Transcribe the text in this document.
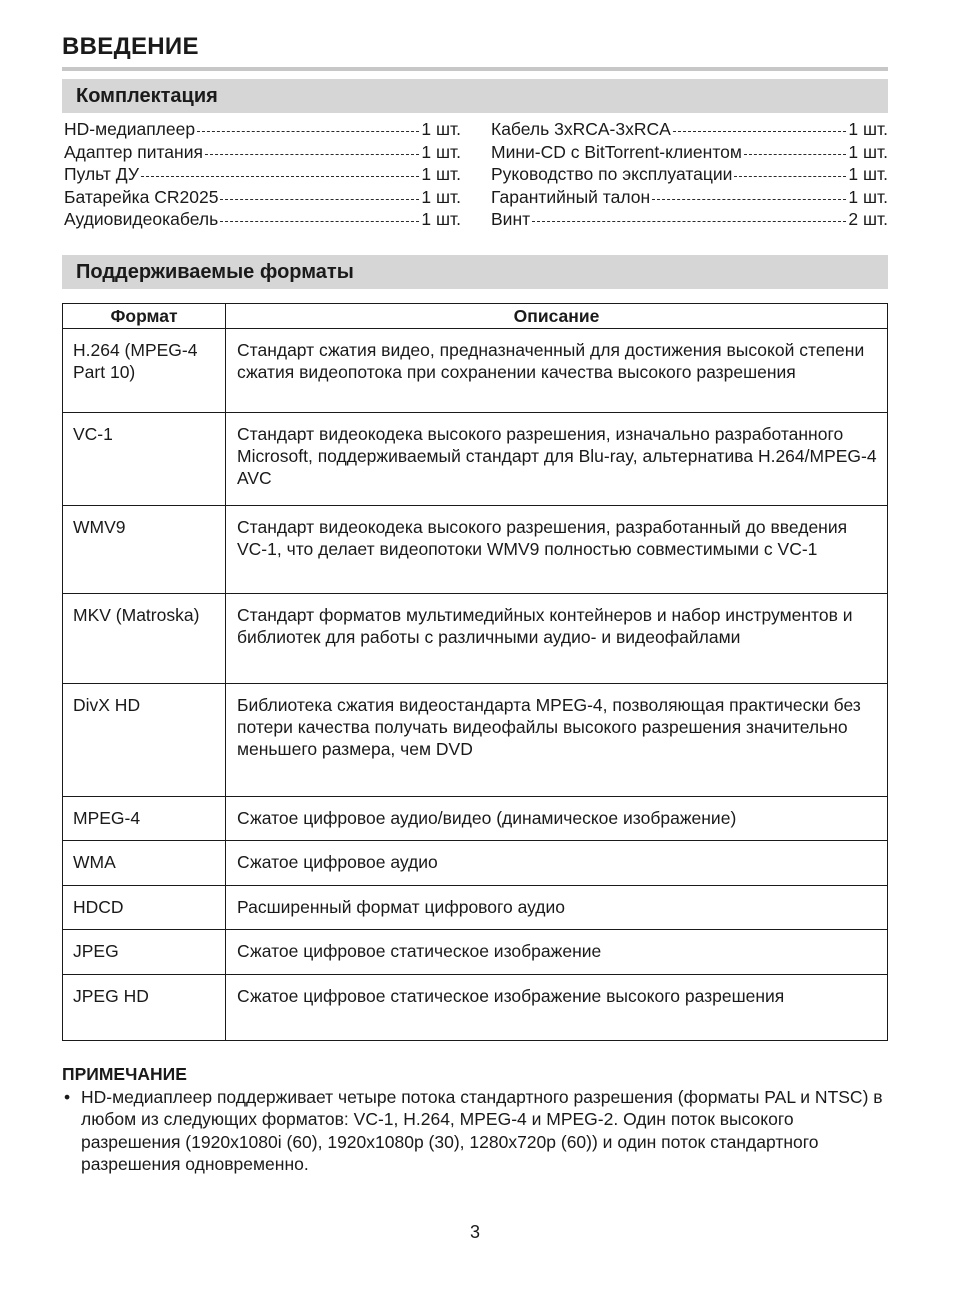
ВВЕДЕНИЕ
Комплектация
HD-медиаплеер	1 шт.
Адаптер питания	1 шт.
Пульт ДУ	1 шт.
Батарейка CR2025	1 шт.
Аудиовидеокабель	1 шт.
Кабель 3xRCA-3xRCA	1 шт.
Мини-CD с BitTorrent-клиентом	1 шт.
Руководство по эксплуатации	1 шт.
Гарантийный талон	1 шт.
Винт	2 шт.
Поддерживаемые форматы
Формат	Описание
H.264 (MPEG-4 Part 10)	Стандарт сжатия видео, предназначенный для достижения высокой степени сжатия видеопотока при сохранении качества высокого разрешения
VC-1	Стандарт видеокодека высокого разрешения, изначально разработанного Microsoft, поддерживаемый стандарт для Blu-ray, альтернатива H.264/MPEG-4 AVC
WMV9	Стандарт видеокодека высокого разрешения, разработанный до введения VC-1, что делает видеопотоки WMV9 полностью совместимыми с VC-1
MKV (Matroska)	Стандарт форматов мультимедийных контейнеров и набор инструментов и библиотек для работы с различными аудио- и видеофайлами
DivX HD	Библиотека сжатия видеостандарта MPEG-4, позволяющая практически без потери качества получать видеофайлы высокого разрешения значительно меньшего размера, чем DVD
MPEG-4	Сжатое цифровое аудио/видео (динамическое изображение)
WMA	Сжатое цифровое аудио
HDCD	Расширенный формат цифрового аудио
JPEG	Сжатое цифровое статическое изображение
JPEG HD	Сжатое цифровое статическое изображение высокого разрешения
ПРИМЕЧАНИЕ
• HD-медиаплеер поддерживает четыре потока стандартного разрешения (форматы PAL и NTSC) в любом из следующих форматов: VC-1, H.264, MPEG-4 и MPEG-2. Один поток высокого разрешения (1920x1080i (60), 1920x1080p (30), 1280x720p (60)) и один поток стандартного разрешения одновременно.
3
